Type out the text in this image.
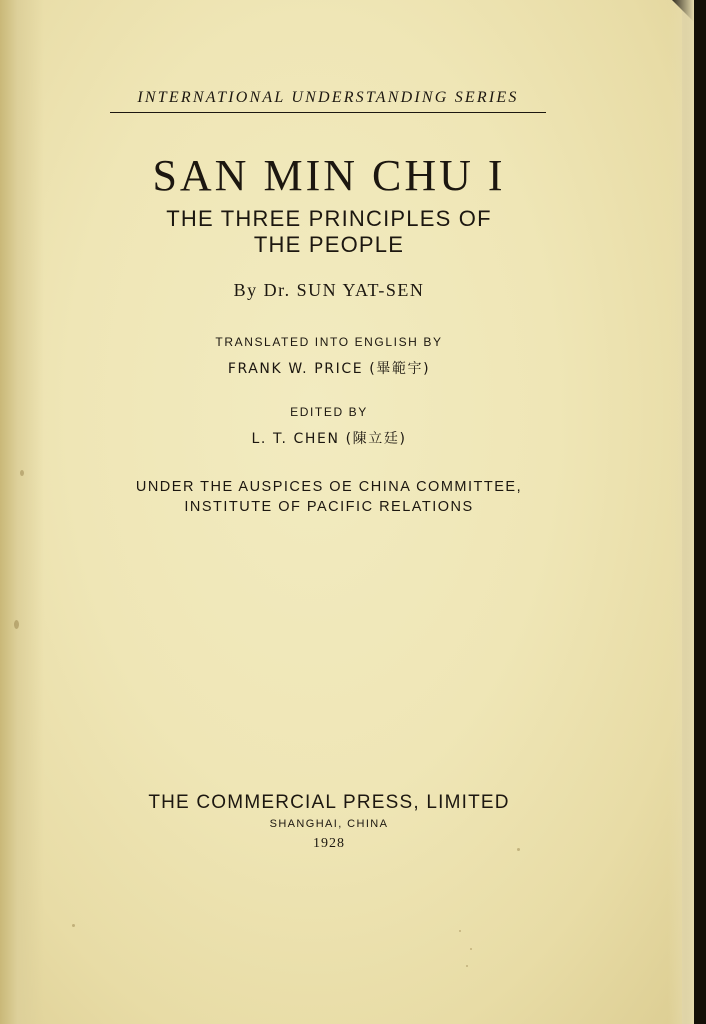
INTERNATIONAL UNDERSTANDING SERIES
SAN MIN CHU I
THE THREE PRINCIPLES OF
THE PEOPLE
By Dr. SUN YAT-SEN
TRANSLATED INTO ENGLISH BY
FRANK W. PRICE (畢範宇)
EDITED BY
L. T. CHEN (陳立廷)
UNDER THE AUSPICES OE CHINA COMMITTEE,
INSTITUTE OF PACIFIC RELATIONS
THE COMMERCIAL PRESS, LIMITED
SHANGHAI, CHINA
1928
